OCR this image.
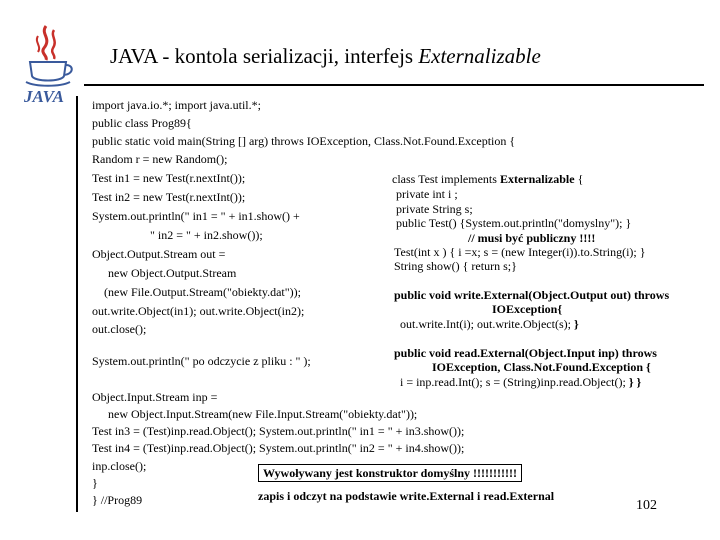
JAVA
JAVA - kontola serializacji, interfejs Externalizable
import java.io.*; import java.util.*;
public class Prog89{
public static void main(String [] arg) throws IOException, Class.Not.Found.Exception {
Random r = new Random();
Test in1 = new Test(r.nextInt());
Test in2 = new Test(r.nextInt());
System.out.println(" in1 = " + in1.show() +
" in2 = " + in2.show());
Object.Output.Stream out =
new Object.Output.Stream
(new File.Output.Stream("obiekty.dat"));
out.write.Object(in1); out.write.Object(in2);
out.close();
System.out.println(" po odczycie z pliku : " );
class Test implements Externalizable {
private int i ;
private String s;
public Test() {System.out.println("domyslny"); }
// musi być publiczny !!!!
Test(int x ) { i =x; s = (new Integer(i)).to.String(i); }
String show() { return s;}
public void write.External(Object.Output out) throws
IOException{
out.write.Int(i); out.write.Object(s); }
public void read.External(Object.Input inp) throws
IOException, Class.Not.Found.Exception {
i = inp.read.Int(); s = (String)inp.read.Object(); } }
Object.Input.Stream inp =
new Object.Input.Stream(new File.Input.Stream("obiekty.dat"));
Test in3 = (Test)inp.read.Object(); System.out.println(" in1 = " + in3.show());
Test in4 = (Test)inp.read.Object(); System.out.println(" in2 = " + in4.show());
inp.close();
}
} //Prog89
Wywoływany jest konstruktor domyślny !!!!!!!!!!!
zapis i odczyt na podstawie write.External i read.External
102
